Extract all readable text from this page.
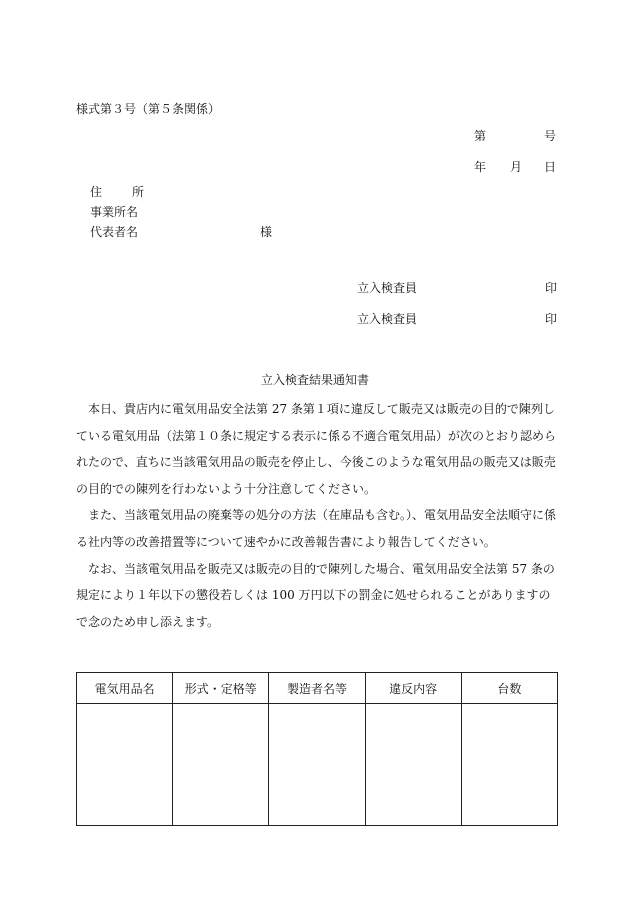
様式第３号（第５条関係）
第	号
年 月 日
住 所
事業所名
代表者名	様
立入検査員	印
立入検査員	印
立入検査結果通知書

本日、貴店内に電気用品安全法第 27 条第１項に違反して販売又は販売の目的で陳列している電気用品（法第１０条に規定する表示に係る不適合電気用品）が次のとおり認められたので、直ちに当該電気用品の販売を停止し、今後このような電気用品の販売又は販売の目的での陳列を行わないよう十分注意してください。

また、当該電気用品の廃棄等の処分の方法（在庫品も含む。）、電気用品安全法順守に係る社内等の改善措置等について速やかに改善報告書により報告してください。

なお、当該電気用品を販売又は販売の目的で陳列した場合、電気用品安全法第 57 条の規定により１年以下の懲役若しくは 100 万円以下の罰金に処せられることがありますので念のため申し添えます。

電気用品名	形式・定格等	製造者名等	違反内容	台数
